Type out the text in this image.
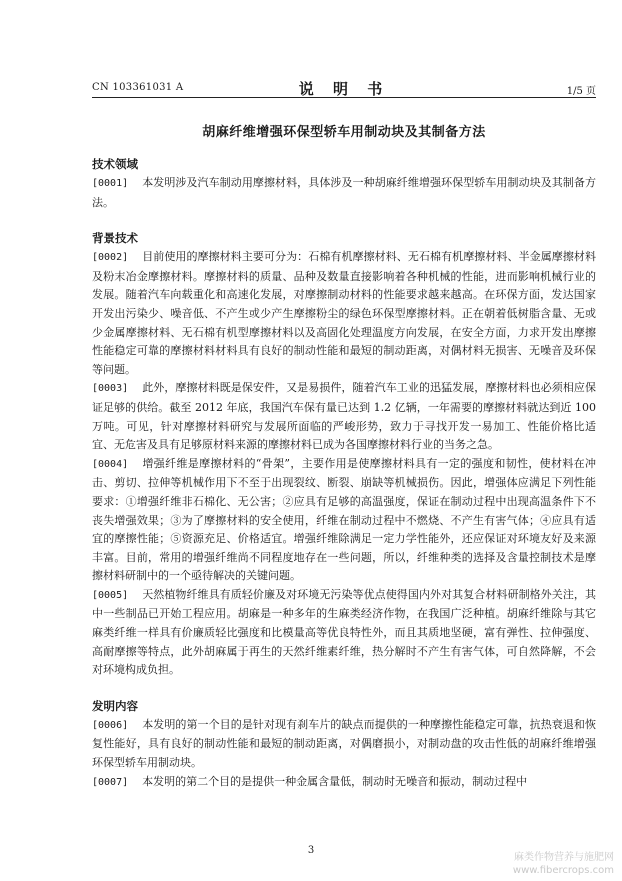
CN 103361031 A	说 明 书	1/5 页
胡麻纤维增强环保型轿车用制动块及其制备方法
技术领域

[0001] 本发明涉及汽车制动用摩擦材料，具体涉及一种胡麻纤维增强环保型轿车用制动块及其制备方法。

背景技术

[0002] 目前使用的摩擦材料主要可分为：石棉有机摩擦材料、无石棉有机摩擦材料、半金属摩擦材料及粉末冶金摩擦材料。摩擦材料的质量、品种及数量直接影响着各种机械的性能，进而影响机械行业的发展。随着汽车向载重化和高速化发展，对摩擦制动材料的性能要求越来越高。在环保方面，发达国家开发出污染少、噪音低、不产生或少产生摩擦粉尘的绿色环保型摩擦材料。正在朝着低树脂含量、无或少金属摩擦材料、无石棉有机型摩擦材料以及高固化处理温度方向发展，在安全方面，力求开发出摩擦性能稳定可靠的摩擦材料材料具有良好的制动性能和最短的制动距离，对偶材料无损害、无噪音及环保等问题。

[0003] 此外，摩擦材料既是保安件，又是易损件，随着汽车工业的迅猛发展，摩擦材料也必须相应保证足够的供给。截至 2012 年底，我国汽车保有量已达到 1.2 亿辆，一年需要的摩擦材料就达到近 100 万吨。可见，针对摩擦材料研究与发展所面临的严峻形势，致力于寻找开发一易加工、性能价格比适宜、无危害及具有足够原材料来源的摩擦材料已成为各国摩擦材料行业的当务之急。

[0004] 增强纤维是摩擦材料的“骨架”，主要作用是使摩擦材料具有一定的强度和韧性，使材料在冲击、剪切、拉伸等机械作用下不至于出现裂纹、断裂、崩缺等机械损伤。因此，增强体应满足下列性能要求：①增强纤维非石棉化、无公害；②应具有足够的高温强度，保证在制动过程中出现高温条件下不丧失增强效果；③为了摩擦材料的安全使用，纤维在制动过程中不燃烧、不产生有害气体；④应具有适宜的摩擦性能；⑤资源充足、价格适宜。增强纤维除满足一定力学性能外，还应保证对环境友好及来源丰富。目前，常用的增强纤维尚不同程度地存在一些问题，所以，纤维种类的选择及含量控制技术是摩擦材料研制中的一个亟待解决的关键问题。

[0005] 天然植物纤维具有质轻价廉及对环境无污染等优点使得国内外对其复合材料研制格外关注，其中一些制品已开始工程应用。胡麻是一种多年的生麻类经济作物，在我国广泛种植。胡麻纤维除与其它麻类纤维一样具有价廉质轻比强度和比模量高等优良特性外，而且其质地坚硬，富有弹性、拉伸强度、高耐摩擦等特点，此外胡麻属于再生的天然纤维素纤维，热分解时不产生有害气体，可自然降解，不会对环境构成负担。

发明内容

[0006] 本发明的第一个目的是针对现有刹车片的缺点而提供的一种摩擦性能稳定可靠，抗热衰退和恢复性能好，具有良好的制动性能和最短的制动距离，对偶磨损小，对制动盘的攻击性低的胡麻纤维增强环保型轿车用制动块。

[0007] 本发明的第二个目的是提供一种金属含量低，制动时无噪音和振动，制动过程中

3
麻类作物营养与施肥网
www.fibercrops.com
